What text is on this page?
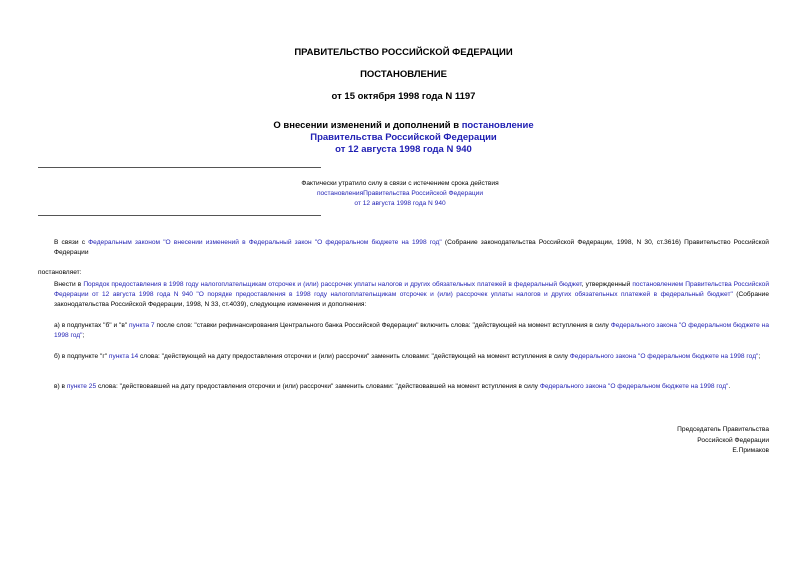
ПРАВИТЕЛЬСТВО РОССИЙСКОЙ ФЕДЕРАЦИИ
ПОСТАНОВЛЕНИЕ
от 15 октября 1998 года N 1197
О внесении изменений и дополнений в постановление
Правительства Российской Федерации
от 12 августа 1998 года N 940
Фактически утратило силу в связи с истечением срока действия
постановленияПравительства Российской Федерации
от 12 августа 1998 года N 940
В связи с Федеральным законом "О внесении изменений в Федеральный закон "О федеральном бюджете на 1998 год" (Собрание законодательства Российской Федерации, 1998, N 30, ст.3616) Правительство Российской Федерации
постановляет:
Внести в Порядок предоставления в 1998 году налогоплательщикам отсрочек и (или) рассрочек уплаты налогов и других обязательных платежей в федеральный бюджет, утвержденный постановлением Правительства Российской Федерации от 12 августа 1998 года N 940 "О порядке предоставления в 1998 году налогоплательщикам отсрочек и (или) рассрочек уплаты налогов и других обязательных платежей в федеральный бюджет" (Собрание законодательства Российской Федерации, 1998, N 33, ст.4039), следующие изменения и дополнения:
а) в подпунктах "б" и "в" пункта 7 после слов: "ставки рефинансирования Центрального банка Российской Федерации" включить слова: "действующей на момент вступления в силу Федерального закона "О федеральном бюджете на 1998 год";
б) в подпункте "г" пункта 14 слова: "действующей на дату предоставления отсрочки и (или) рассрочки" заменить словами: "действующей на момент вступления в силу Федерального закона "О федеральном бюджете на 1998 год";
в) в пункте 25 слова: "действовавшей на дату предоставления отсрочки и (или) рассрочки" заменить словами: "действовавшей на момент вступления в силу Федерального закона "О федеральном бюджете на 1998 год".
Председатель Правительства
Российской Федерации
Е.Примаков
